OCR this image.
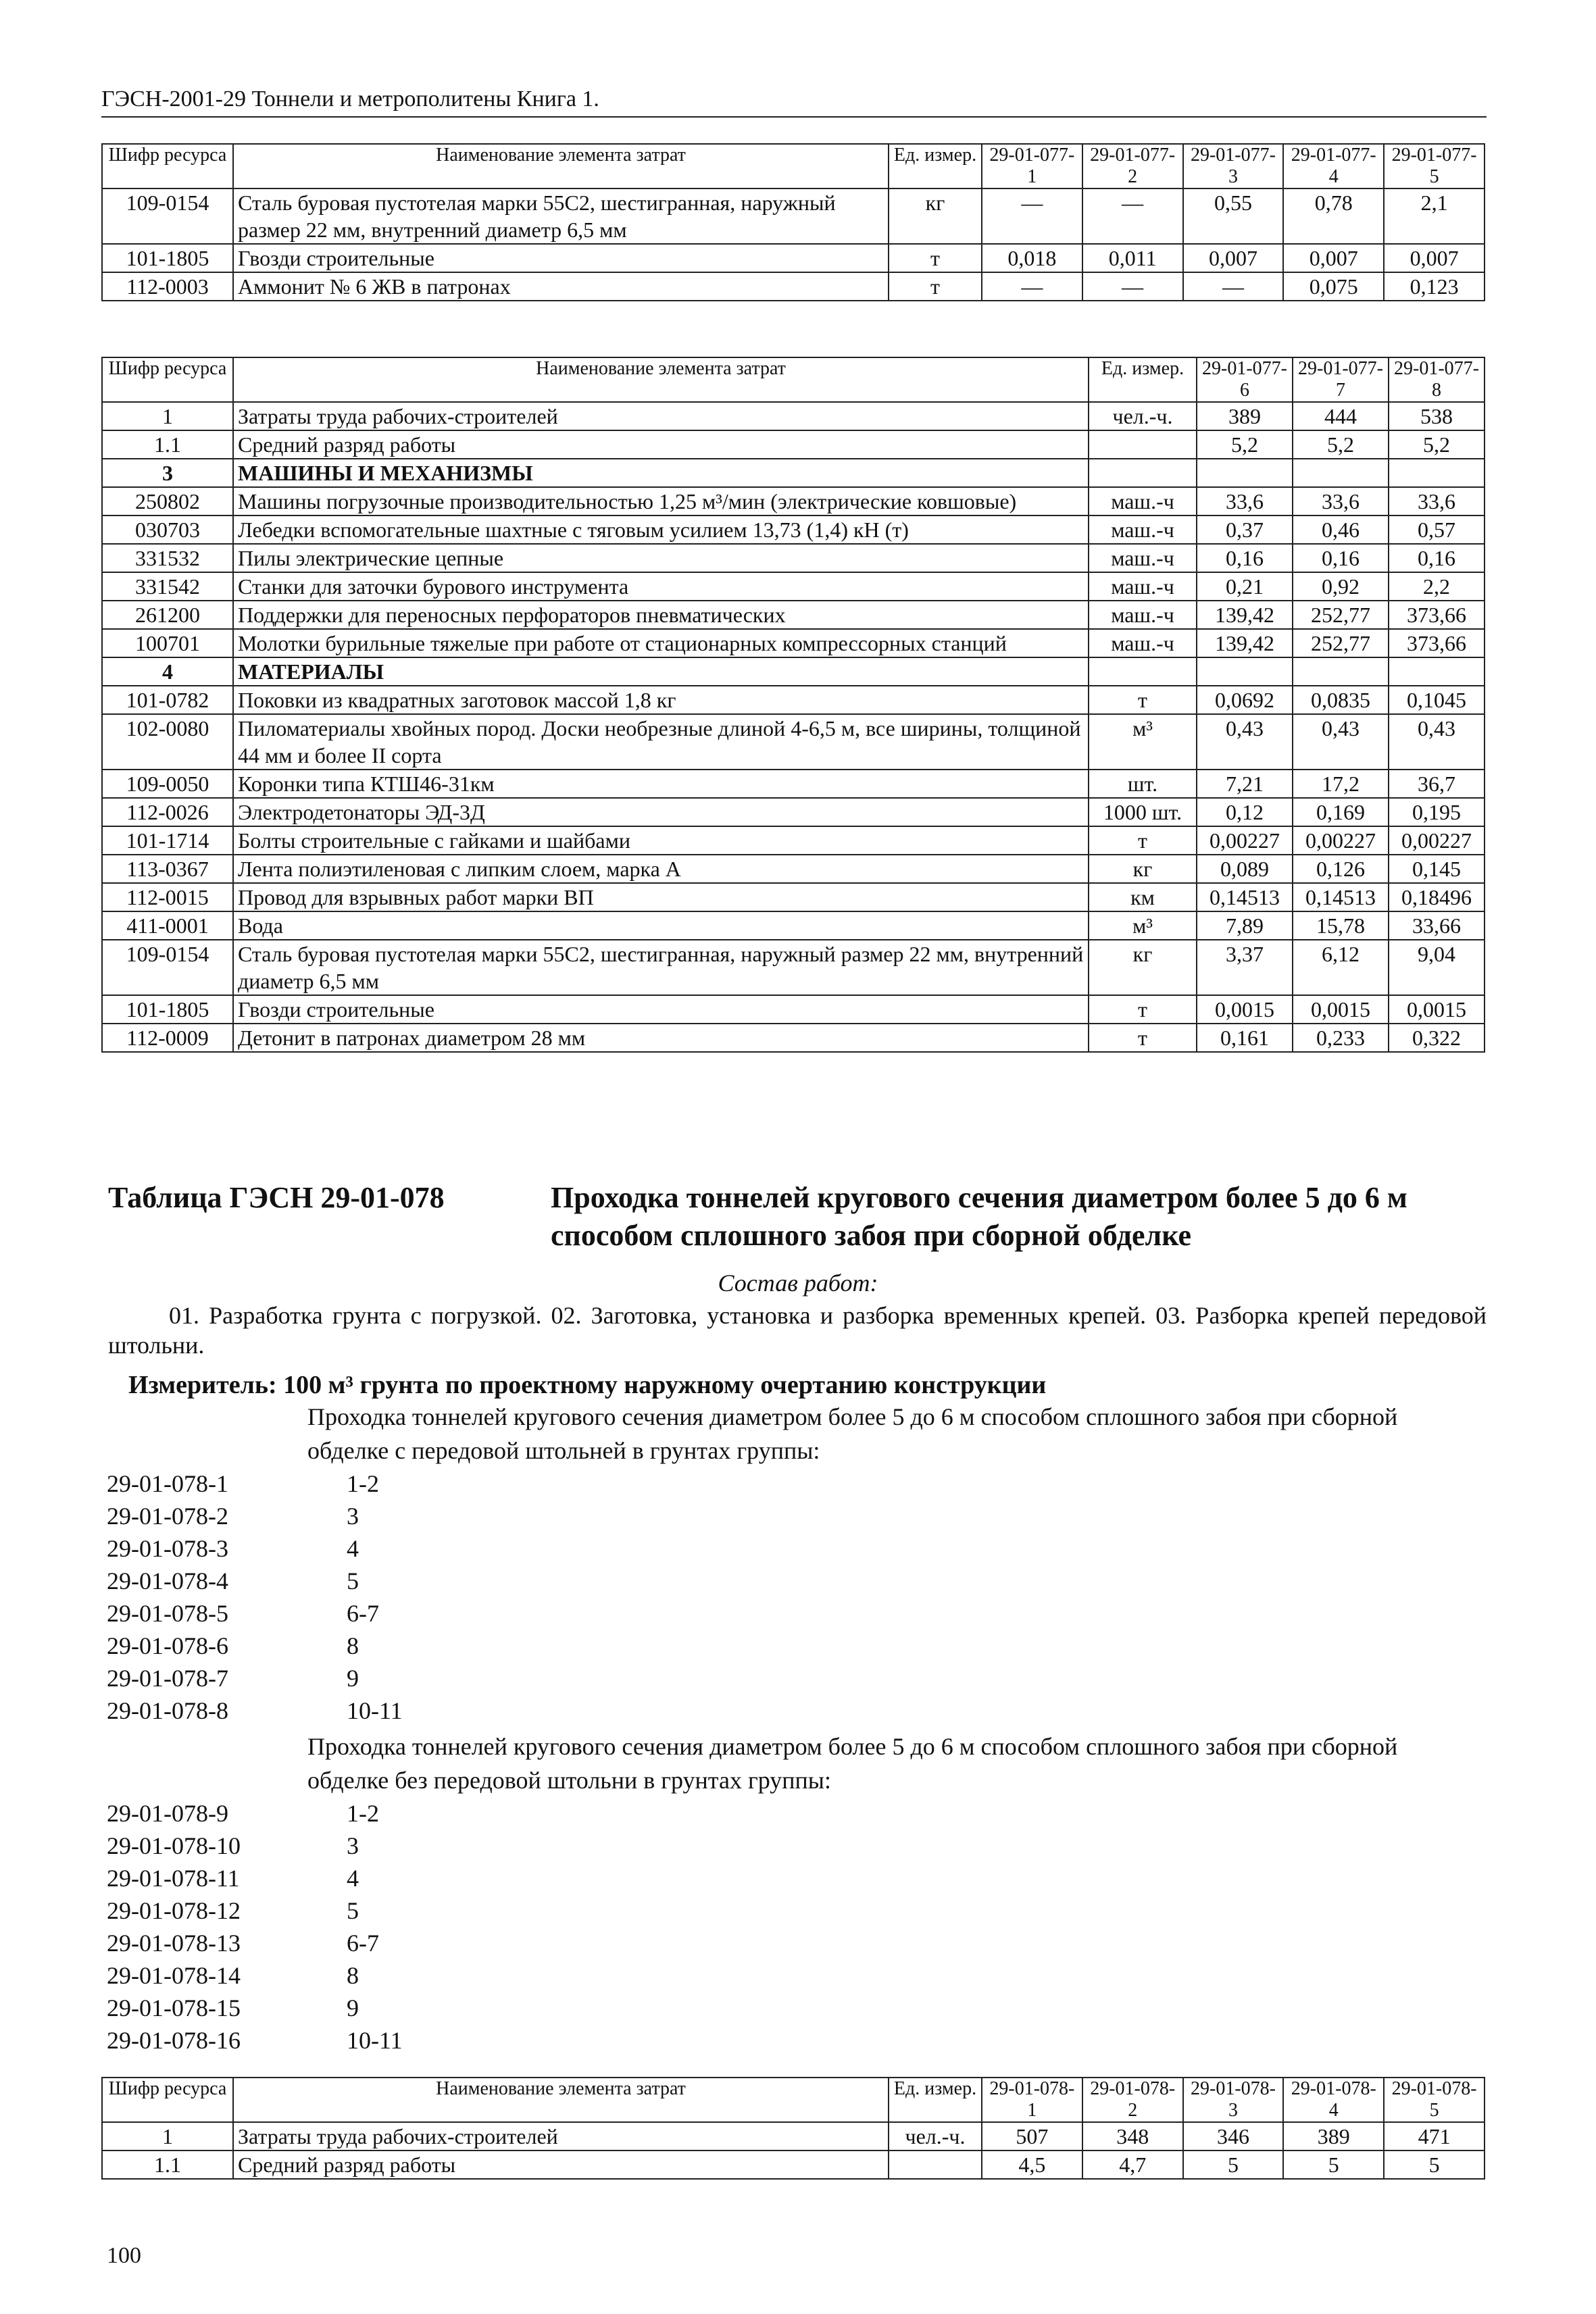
ГЭСН-2001-29 Тоннели и метрополитены Книга 1.
Шифр ресурса	Наименование элемента затрат	Ед. измер.	29-01-077-1	29-01-077-2	29-01-077-3	29-01-077-4	29-01-077-5
109-0154	Сталь буровая пустотелая марки 55С2, шестигранная, наружный размер 22 мм, внутренний диаметр 6,5 мм	кг	—	—	0,55	0,78	2,1
101-1805	Гвозди строительные	т	0,018	0,011	0,007	0,007	0,007
112-0003	Аммонит № 6 ЖВ в патронах	т	—	—	—	0,075	0,123
Шифр ресурса	Наименование элемента затрат	Ед. измер.	29-01-077-6	29-01-077-7	29-01-077-8
1	Затраты труда рабочих-строителей	чел.-ч.	389	444	538
1.1	Средний разряд работы		5,2	5,2	5,2
3	МАШИНЫ И МЕХАНИЗМЫ				
250802	Машины погрузочные производительностью 1,25 м³/мин (электрические ковшовые)	маш.-ч	33,6	33,6	33,6
030703	Лебедки вспомогательные шахтные с тяговым усилием 13,73 (1,4) кН (т)	маш.-ч	0,37	0,46	0,57
331532	Пилы электрические цепные	маш.-ч	0,16	0,16	0,16
331542	Станки для заточки бурового инструмента	маш.-ч	0,21	0,92	2,2
261200	Поддержки для переносных перфораторов пневматических	маш.-ч	139,42	252,77	373,66
100701	Молотки бурильные тяжелые при работе от стационарных компрессорных станций	маш.-ч	139,42	252,77	373,66
4	МАТЕРИАЛЫ				
101-0782	Поковки из квадратных заготовок массой 1,8 кг	т	0,0692	0,0835	0,1045
102-0080	Пиломатериалы хвойных пород. Доски необрезные длиной 4-6,5 м, все ширины, толщиной 44 мм и более II сорта	м³	0,43	0,43	0,43
109-0050	Коронки типа КТШ46-31км	шт.	7,21	17,2	36,7
112-0026	Электродетонаторы ЭД-3Д	1000 шт.	0,12	0,169	0,195
101-1714	Болты строительные с гайками и шайбами	т	0,00227	0,00227	0,00227
113-0367	Лента полиэтиленовая с липким слоем, марка А	кг	0,089	0,126	0,145
112-0015	Провод для взрывных работ марки ВП	км	0,14513	0,14513	0,18496
411-0001	Вода	м³	7,89	15,78	33,66
109-0154	Сталь буровая пустотелая марки 55С2, шестигранная, наружный размер 22 мм, внутренний диаметр 6,5 мм	кг	3,37	6,12	9,04
101-1805	Гвозди строительные	т	0,0015	0,0015	0,0015
112-0009	Детонит в патронах диаметром 28 мм	т	0,161	0,233	0,322
Таблица ГЭСН 29-01-078	Проходка тоннелей кругового сечения диаметром более 5 до 6 м способом сплошного забоя при сборной обделке
Состав работ:
01. Разработка грунта с погрузкой. 02. Заготовка, установка и разборка временных крепей. 03. Разборка крепей передовой штольни.
Измеритель: 100 м³ грунта по проектному наружному очертанию конструкции
Проходка тоннелей кругового сечения диаметром более 5 до 6 м способом сплошного забоя при сборной обделке с передовой штольней в грунтах группы:
29-01-078-1	1-2
29-01-078-2	3
29-01-078-3	4
29-01-078-4	5
29-01-078-5	6-7
29-01-078-6	8
29-01-078-7	9
29-01-078-8	10-11
Проходка тоннелей кругового сечения диаметром более 5 до 6 м способом сплошного забоя при сборной обделке без передовой штольни в грунтах группы:
29-01-078-9	1-2
29-01-078-10	3
29-01-078-11	4
29-01-078-12	5
29-01-078-13	6-7
29-01-078-14	8
29-01-078-15	9
29-01-078-16	10-11
Шифр ресурса	Наименование элемента затрат	Ед. измер.	29-01-078-1	29-01-078-2	29-01-078-3	29-01-078-4	29-01-078-5
1	Затраты труда рабочих-строителей	чел.-ч.	507	348	346	389	471
1.1	Средний разряд работы		4,5	4,7	5	5	5
100
